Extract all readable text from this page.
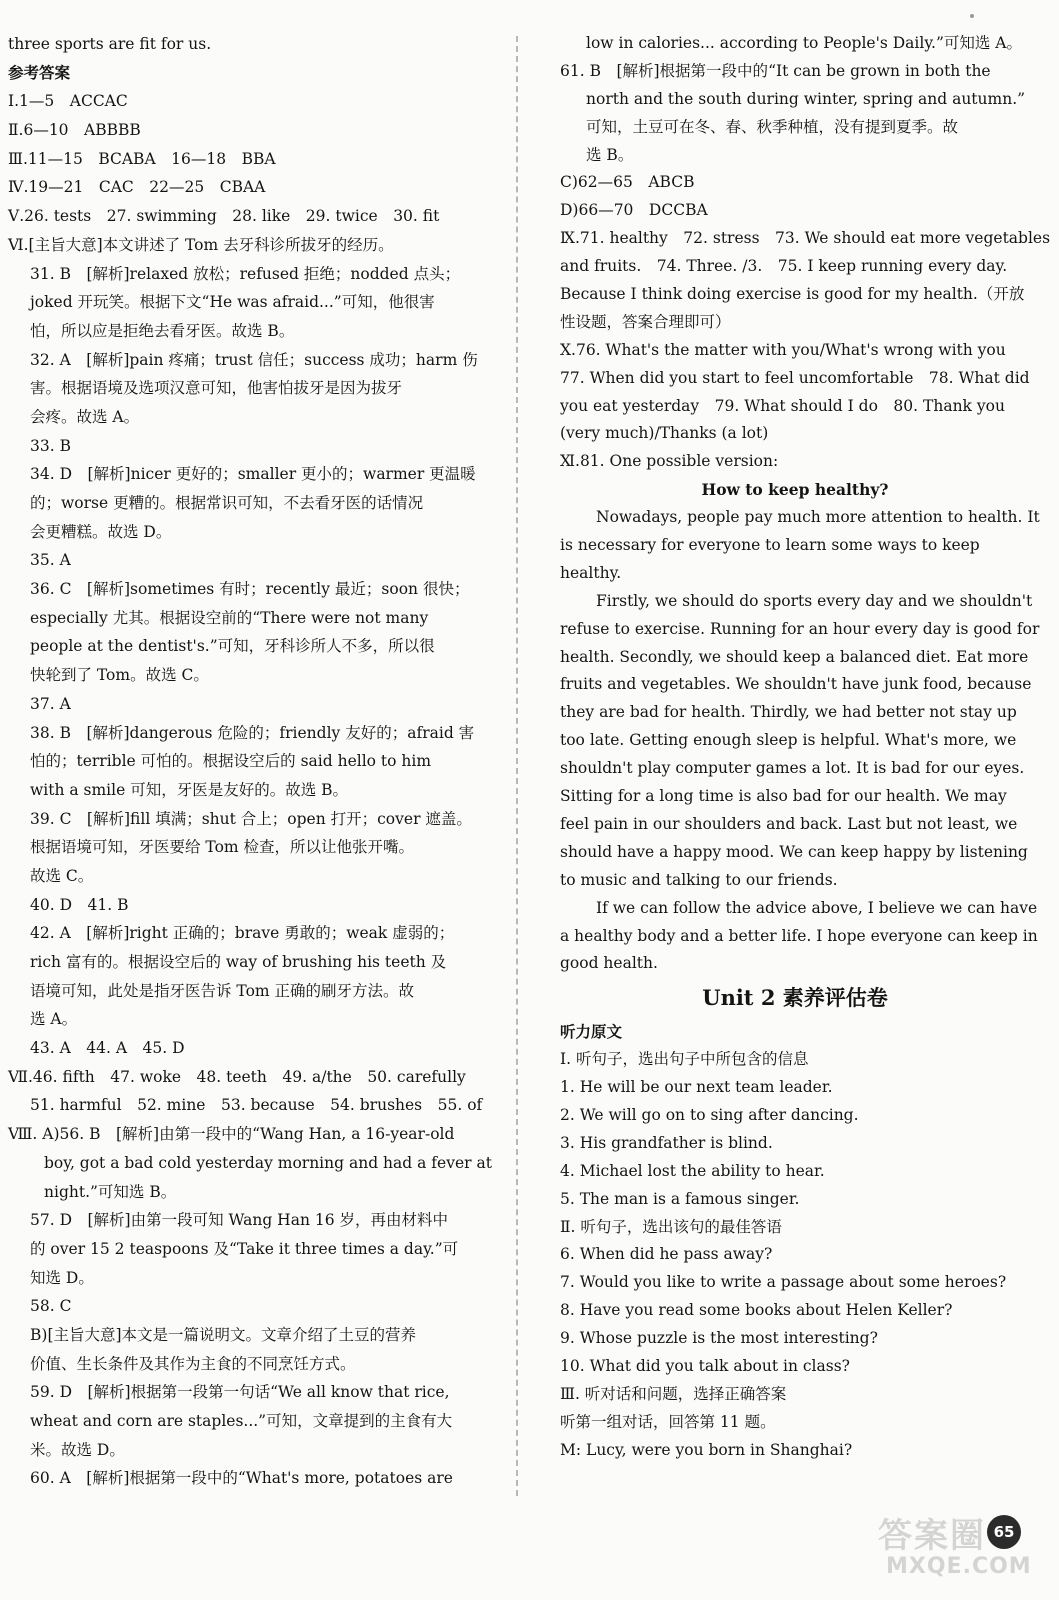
three sports are fit for us.
参考答案
Ⅰ.1—5　ACCAC
Ⅱ.6—10　ABBBB
Ⅲ.11—15　BCABA　16—18　BBA
Ⅳ.19—21　CAC　22—25　CBAA
Ⅴ.26. tests　27. swimming　28. like　29. twice　30. fit
Ⅵ.[主旨大意]本文讲述了 Tom 去牙科诊所拔牙的经历。
31. B　[解析]relaxed 放松；refused 拒绝；nodded 点头；
joked 开玩笑。根据下文“He was afraid...”可知，他很害
怕，所以应是拒绝去看牙医。故选 B。
32. A　[解析]pain 疼痛；trust 信任；success 成功；harm 伤
害。根据语境及选项汉意可知，他害怕拔牙是因为拔牙
会疼。故选 A。
33. B
34. D　[解析]nicer 更好的；smaller 更小的；warmer 更温暖
的；worse 更糟的。根据常识可知，不去看牙医的话情况
会更糟糕。故选 D。
35. A
36. C　[解析]sometimes 有时；recently 最近；soon 很快；
especially 尤其。根据设空前的“There were not many
people at the dentist's.”可知，牙科诊所人不多，所以很
快轮到了 Tom。故选 C。
37. A
38. B　[解析]dangerous 危险的；friendly 友好的；afraid 害
怕的；terrible 可怕的。根据设空后的 said hello to him
with a smile 可知，牙医是友好的。故选 B。
39. C　[解析]fill 填满；shut 合上；open 打开；cover 遮盖。
根据语境可知，牙医要给 Tom 检查，所以让他张开嘴。
故选 C。
40. D　41. B
42. A　[解析]right 正确的；brave 勇敢的；weak 虚弱的；
rich 富有的。根据设空后的 way of brushing his teeth 及
语境可知，此处是指牙医告诉 Tom 正确的刷牙方法。故
选 A。
43. A　44. A　45. D
Ⅶ.46. fifth　47. woke　48. teeth　49. a/the　50. carefully
51. harmful　52. mine　53. because　54. brushes　55. of
Ⅷ. A)56. B　[解析]由第一段中的“Wang Han, a 16-year-old
boy, got a bad cold yesterday morning and had a fever at
night.”可知选 B。
57. D　[解析]由第一段可知 Wang Han 16 岁，再由材料中
的 over 15 2 teaspoons 及“Take it three times a day.”可
知选 D。
58. C
B)[主旨大意]本文是一篇说明文。文章介绍了土豆的营养
价值、生长条件及其作为主食的不同烹饪方式。
59. D　[解析]根据第一段第一句话“We all know that rice,
wheat and corn are staples...”可知，文章提到的主食有大
米。故选 D。
60. A　[解析]根据第一段中的“What's more, potatoes are
low in calories... according to People's Daily.”可知选 A。
61. B　[解析]根据第一段中的“It can be grown in both the
north and the south during winter, spring and autumn.”
可知，土豆可在冬、春、秋季种植，没有提到夏季。故
选 B。
C)62—65　ABCB
D)66—70　DCCBA
Ⅸ.71. healthy　72. stress　73. We should eat more vegetables
and fruits.　74. Three. /3.　75. I keep running every day.
Because I think doing exercise is good for my health.（开放
性设题，答案合理即可）
Ⅹ.76. What's the matter with you/What's wrong with you
77. When did you start to feel uncomfortable　78. What did
you eat yesterday　79. What should I do　80. Thank you
(very much)/Thanks (a lot)
Ⅺ.81. One possible version:
How to keep healthy?
Nowadays, people pay much more attention to health. It
is necessary for everyone to learn some ways to keep
healthy.
Firstly, we should do sports every day and we shouldn't
refuse to exercise. Running for an hour every day is good for
health. Secondly, we should keep a balanced diet. Eat more
fruits and vegetables. We shouldn't have junk food, because
they are bad for health. Thirdly, we had better not stay up
too late. Getting enough sleep is helpful. What's more, we
shouldn't play computer games a lot. It is bad for our eyes.
Sitting for a long time is also bad for our health. We may
feel pain in our shoulders and back. Last but not least, we
should have a happy mood. We can keep happy by listening
to music and talking to our friends.
If we can follow the advice above, I believe we can have
a healthy body and a better life. I hope everyone can keep in
good health.
Unit 2 素养评估卷
听力原文
Ⅰ. 听句子，选出句子中所包含的信息
1. He will be our next team leader.
2. We will go on to sing after dancing.
3. His grandfather is blind.
4. Michael lost the ability to hear.
5. The man is a famous singer.
Ⅱ. 听句子，选出该句的最佳答语
6. When did he pass away?
7. Would you like to write a passage about some heroes?
8. Have you read some books about Helen Keller?
9. Whose puzzle is the most interesting?
10. What did you talk about in class?
Ⅲ. 听对话和问题，选择正确答案
听第一组对话，回答第 11 题。
M: Lucy, were you born in Shanghai?
答案圈
MXQE.COM
65
